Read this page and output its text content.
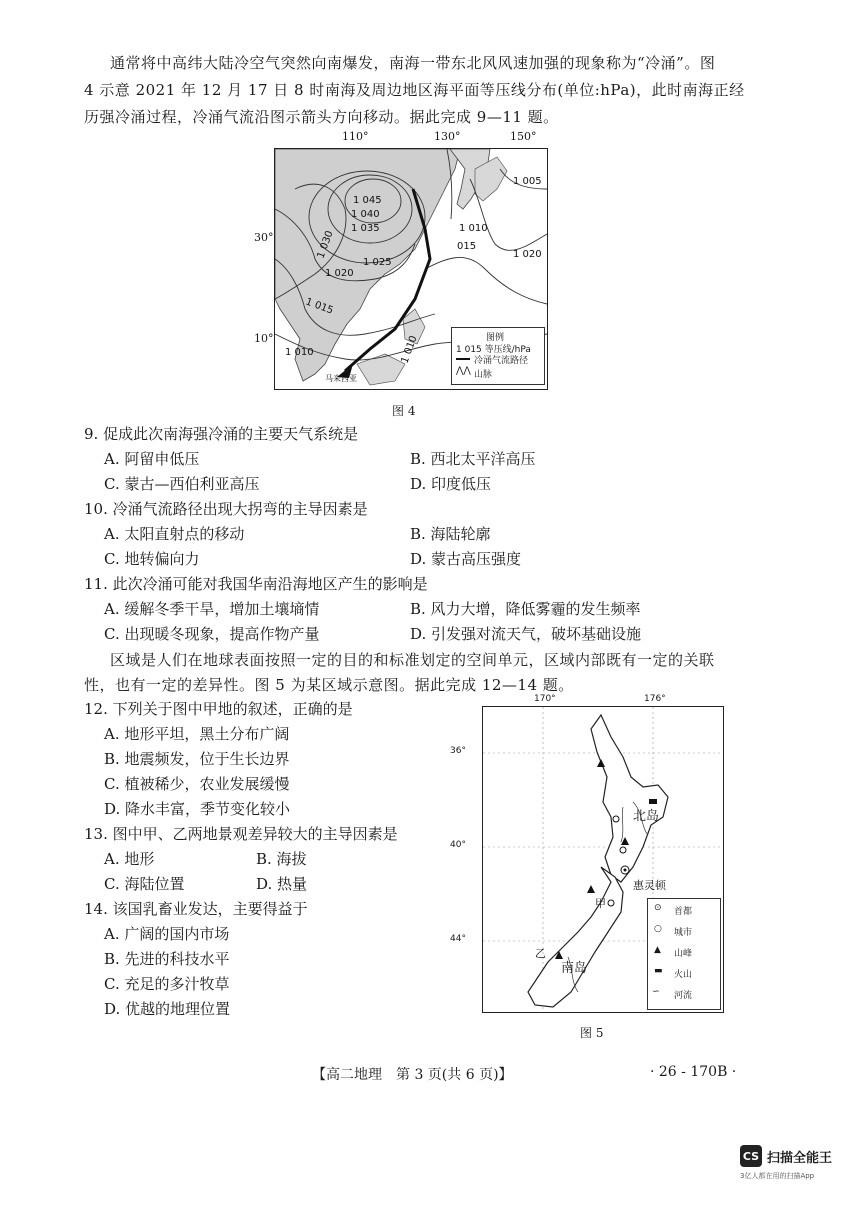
通常将中高纬大陆冷空气突然向南爆发，南海一带东北风风速加强的现象称为“冷涌”。图
4 示意 2021 年 12 月 17 日 8 时南海及周边地区海平面等压线分布(单位:hPa)，此时南海正经
历强冷涌过程，冷涌气流沿图示箭头方向移动。据此完成 9—11 题。
110°	130°	150°
30°
10°
1 045
1 040
1 035
1 030
1 025
1 020
1 015
1 010
1 010
1 005
015
1 020
1 010
马来西亚
图例
1 015 等压线/hPa
冷涌气流路径
⋀⋀ 山脉
图 4
9. 促成此次南海强冷涌的主要天气系统是
A. 阿留申低压	B. 西北太平洋高压
C. 蒙古—西伯利亚高压	D. 印度低压
10. 冷涌气流路径出现大拐弯的主导因素是
A. 太阳直射点的移动	B. 海陆轮廓
C. 地转偏向力	D. 蒙古高压强度
11. 此次冷涌可能对我国华南沿海地区产生的影响是
A. 缓解冬季干旱，增加土壤墒情	B. 风力大增，降低雾霾的发生频率
C. 出现暖冬现象，提高作物产量	D. 引发强对流天气，破坏基础设施
区域是人们在地球表面按照一定的目的和标准划定的空间单元，区域内部既有一定的关联
性，也有一定的差异性。图 5 为某区域示意图。据此完成 12—14 题。
12. 下列关于图中甲地的叙述，正确的是
A. 地形平坦，黑土分布广阔
B. 地震频发，位于生长边界
C. 植被稀少，农业发展缓慢
D. 降水丰富，季节变化较小
13. 图中甲、乙两地景观差异较大的主导因素是
A. 地形	B. 海拔
C. 海陆位置	D. 热量
14. 该国乳畜业发达，主要得益于
A. 广阔的国内市场
B. 先进的科技水平
C. 充足的多汁牧草
D. 优越的地理位置
170°	176°
36°
40°
44°
北岛
南岛
惠灵顿
甲
乙
⊙ 首都
○ 城市
▲ 山峰
▬ 火山
∽ 河流
图 5
【高二地理　第 3 页(共 6 页)】	· 26 - 170B ·
CS 扫描全能王
3亿人都在用的扫描App
